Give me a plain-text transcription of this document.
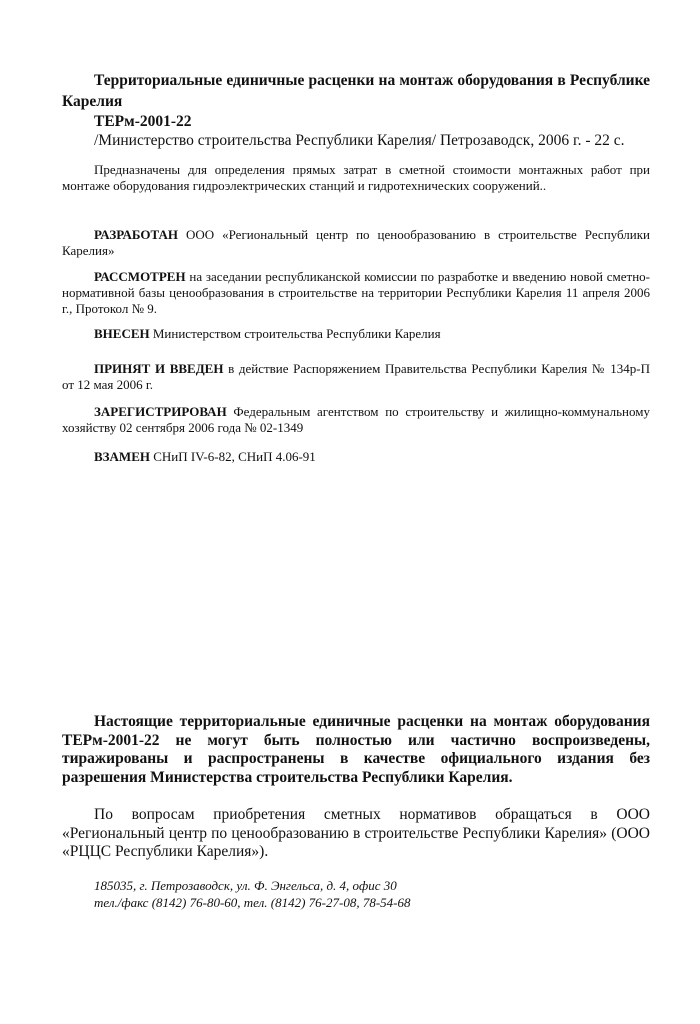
Территориальные единичные расценки на монтаж оборудования в Республике Карелия

ТЕРм-2001-22

/Министерство строительства Республики Карелия/ Петрозаводск, 2006 г. - 22 с.

Предназначены для определения прямых затрат в сметной стоимости монтажных работ при монтаже оборудования гидроэлектрических станций и гидротехнических сооружений..

РАЗРАБОТАН ООО «Региональный центр по ценообразованию в строительстве Республики Карелия»

РАССМОТРЕН на заседании республиканской комиссии по разработке и введению новой сметно-нормативной базы ценообразования в строительстве на территории Республики Карелия 11 апреля 2006 г., Протокол № 9.

ВНЕСЕН Министерством строительства Республики Карелия

ПРИНЯТ И ВВЕДЕН в действие Распоряжением Правительства Республики Карелия № 134р-П от 12 мая 2006 г.

ЗАРЕГИСТРИРОВАН Федеральным агентством по строительству и жилищно-коммунальному хозяйству 02 сентября 2006 года № 02-1349

ВЗАМЕН СНиП IV-6-82, СНиП 4.06-91

Настоящие территориальные единичные расценки на монтаж оборудования ТЕРм-2001-22 не могут быть полностью или частично воспроизведены, тиражированы и распространены в качестве официального издания без разрешения Министерства строительства Республики Карелия.

По вопросам приобретения сметных нормативов обращаться в ООО «Региональный центр по ценообразованию в строительстве Республики Карелия» (ООО «РЦЦС Республики Карелия»).

185035, г. Петрозаводск, ул. Ф. Энгельса, д. 4, офис 30
тел./факс (8142) 76-80-60, тел. (8142) 76-27-08, 78-54-68
